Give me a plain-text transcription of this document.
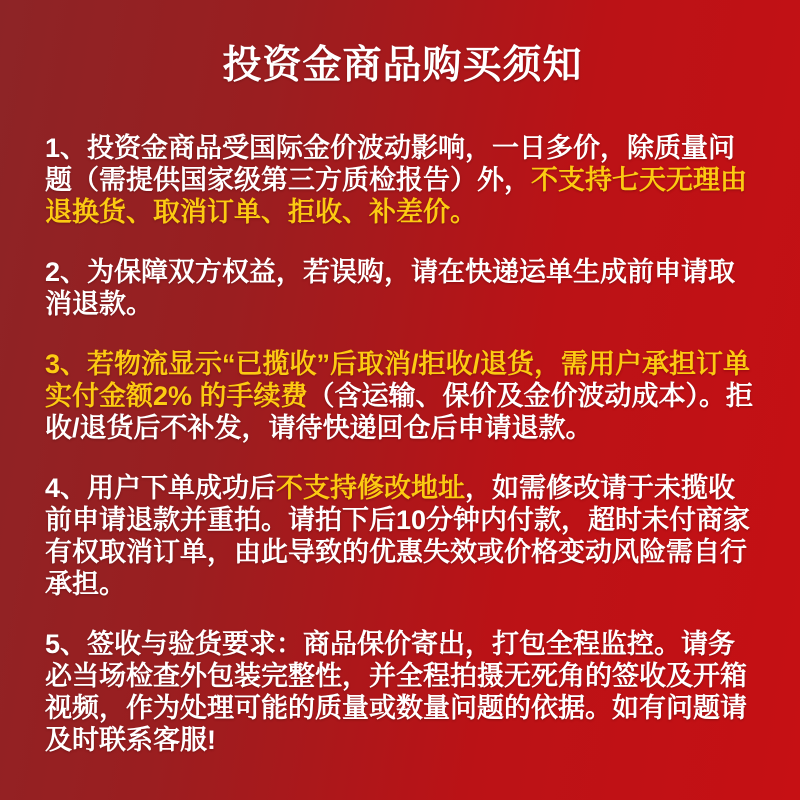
投资金商品购买须知

1、投资金商品受国际金价波动影响，一日多价，除质量问题（需提供国家级第三方质检报告）外，不支持七天无理由退换货、取消订单、拒收、补差价。

2、为保障双方权益，若误购，请在快递运单生成前申请取消退款。

3、若物流显示“已揽收”后取消/拒收/退货，需用户承担订单实付金额2% 的手续费（含运输、保价及金价波动成本）。拒收/退货后不补发，请待快递回仓后申请退款。

4、用户下单成功后不支持修改地址，如需修改请于未揽收前申请退款并重拍。请拍下后10分钟内付款，超时未付商家有权取消订单，由此导致的优惠失效或价格变动风险需自行承担。

5、签收与验货要求：商品保价寄出，打包全程监控。请务必当场检查外包装完整性，并全程拍摄无死角的签收及开箱视频，作为处理可能的质量或数量问题的依据。如有问题请及时联系客服!
